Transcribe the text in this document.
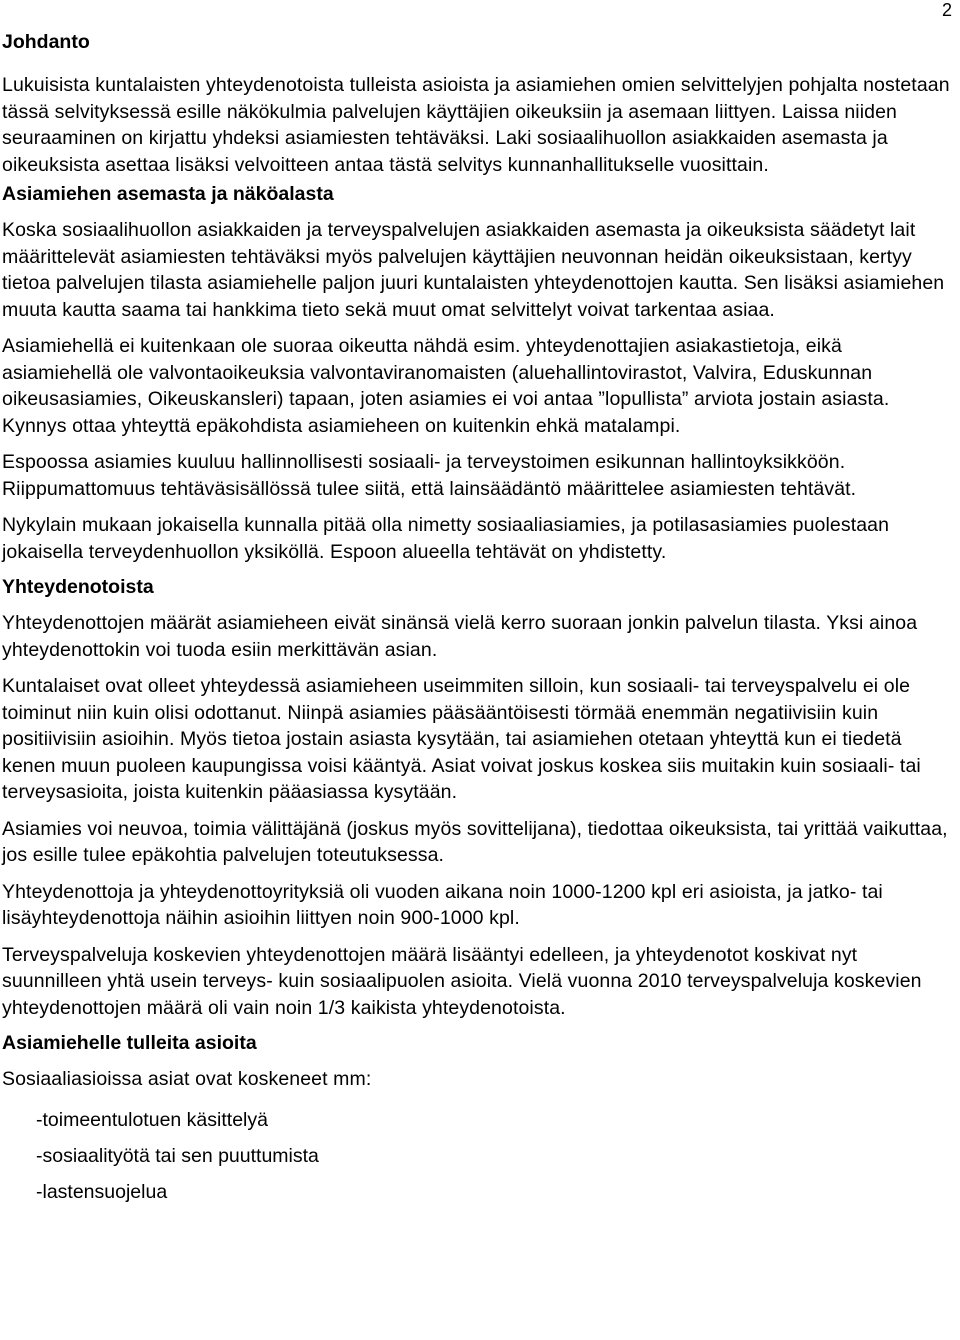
2
Johdanto

Lukuisista kuntalaisten yhteydenotoista tulleista asioista ja asiamiehen omien selvittelyjen pohjalta nostetaan tässä selvityksessä esille näkökulmia palvelujen käyttäjien oikeuksiin ja asemaan liittyen. Laissa niiden seuraaminen on kirjattu yhdeksi asiamiesten tehtäväksi. Laki sosiaalihuollon asiakkaiden asemasta ja oikeuksista asettaa lisäksi velvoitteen antaa tästä selvitys kunnanhallitukselle vuosittain.

Asiamiehen asemasta ja näköalasta

Koska sosiaalihuollon asiakkaiden ja terveyspalvelujen asiakkaiden asemasta ja oikeuksista säädetyt lait määrittelevät asiamiesten tehtäväksi myös palvelujen käyttäjien neuvonnan heidän oikeuksistaan, kertyy tietoa palvelujen tilasta asiamiehelle paljon juuri kuntalaisten yhteydenottojen kautta. Sen lisäksi asiamiehen muuta kautta saama tai hankkima tieto sekä muut omat selvittelyt voivat tarkentaa asiaa.

Asiamiehellä ei kuitenkaan ole suoraa oikeutta nähdä esim. yhteydenottajien asiakastietoja, eikä asiamiehellä ole valvontaoikeuksia valvontaviranomaisten (aluehallintovirastot, Valvira, Eduskunnan oikeusasiamies, Oikeuskansleri) tapaan, joten asiamies ei voi antaa ”lopullista” arviota jostain asiasta. Kynnys ottaa yhteyttä epäkohdista asiamieheen on kuitenkin ehkä matalampi.

Espoossa asiamies kuuluu hallinnollisesti sosiaali- ja terveystoimen esikunnan hallintoyksikköön. Riippumattomuus tehtäväsisällössä tulee siitä, että lainsäädäntö määrittelee asiamiesten tehtävät.

Nykylain mukaan jokaisella kunnalla pitää olla nimetty sosiaaliasiamies, ja potilasasiamies puolestaan jokaisella terveydenhuollon yksiköllä. Espoon alueella tehtävät on yhdistetty.

Yhteydenotoista

Yhteydenottojen määrät asiamieheen eivät sinänsä vielä kerro suoraan jonkin palvelun tilasta. Yksi ainoa yhteydenottokin voi tuoda esiin merkittävän asian.

Kuntalaiset ovat olleet yhteydessä asiamieheen useimmiten silloin, kun sosiaali- tai terveyspalvelu ei ole toiminut niin kuin olisi odottanut. Niinpä asiamies pääsääntöisesti törmää enemmän negatiivisiin kuin positiivisiin asioihin. Myös tietoa jostain asiasta kysytään, tai asiamiehen otetaan yhteyttä kun ei tiedetä kenen muun puoleen kaupungissa voisi kääntyä. Asiat voivat joskus koskea siis muitakin kuin sosiaali- tai terveysasioita, joista kuitenkin pääasiassa kysytään.

Asiamies voi neuvoa, toimia välittäjänä (joskus myös sovittelijana), tiedottaa oikeuksista, tai yrittää vaikuttaa, jos esille tulee epäkohtia palvelujen toteutuksessa.

Yhteydenottoja ja yhteydenottoyrityksiä oli vuoden aikana noin 1000-1200 kpl eri asioista, ja jatko- tai lisäyhteydenottoja näihin asioihin liittyen noin 900-1000 kpl.

Terveyspalveluja koskevien yhteydenottojen määrä lisääntyi edelleen, ja yhteydenotot koskivat nyt suunnilleen yhtä usein terveys- kuin sosiaalipuolen asioita. Vielä vuonna 2010 terveyspalveluja koskevien yhteydenottojen määrä oli vain noin 1/3 kaikista yhteydenotoista.

Asiamiehelle tulleita asioita

Sosiaaliasioissa asiat ovat koskeneet mm:

-toimeentulotuen käsittelyä
-sosiaalityötä tai sen puuttumista
-lastensuojelua
